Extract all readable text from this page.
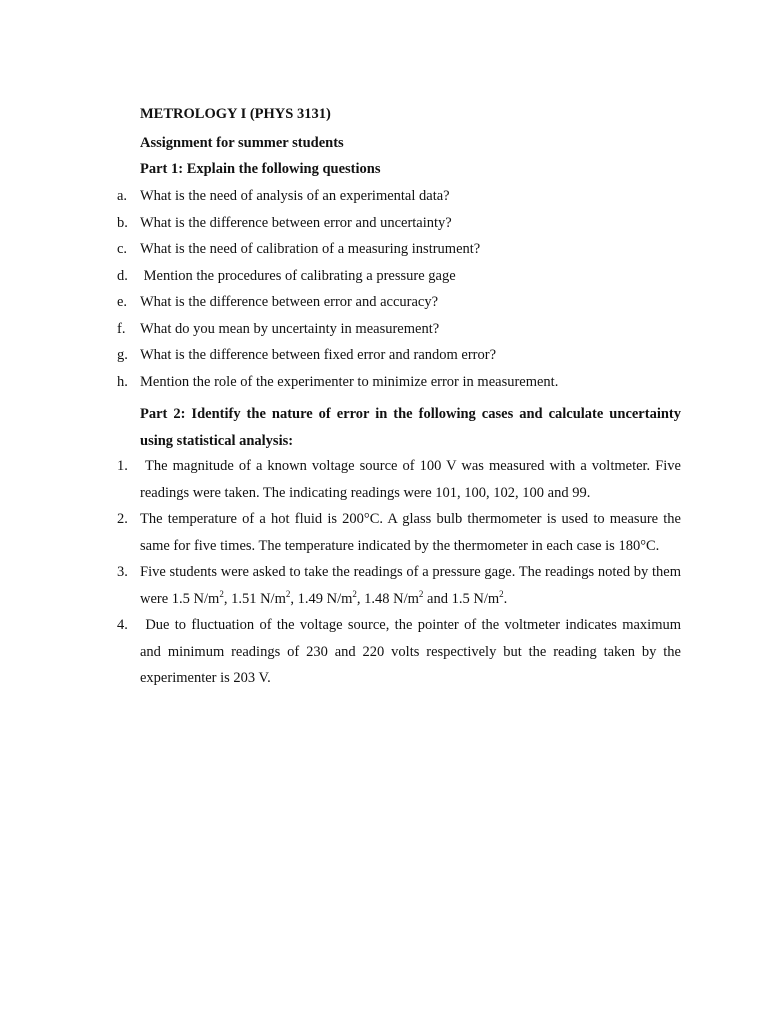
METROLOGY I (PHYS 3131)
Assignment for summer students
Part 1: Explain the following questions
a. What is the need of analysis of an experimental data?
b. What is the difference between error and uncertainty?
c. What is the need of calibration of a measuring instrument?
d. Mention the procedures of calibrating a pressure gage
e. What is the difference between error and accuracy?
f. What do you mean by uncertainty in measurement?
g. What is the difference between fixed error and random error?
h. Mention the role of the experimenter to minimize error in measurement.
Part 2: Identify the nature of error in the following cases and calculate uncertainty using statistical analysis:
1. The magnitude of a known voltage source of 100 V was measured with a voltmeter. Five readings were taken. The indicating readings were 101, 100, 102, 100 and 99.
2. The temperature of a hot fluid is 200°C. A glass bulb thermometer is used to measure the same for five times. The temperature indicated by the thermometer in each case is 180°C.
3. Five students were asked to take the readings of a pressure gage. The readings noted by them were 1.5 $N/m^2$, 1.51 $N/m^2$, 1.49 $N/m^2$, 1.48 $N/m^2$ and 1.5 $N/m^2$.
4. Due to fluctuation of the voltage source, the pointer of the voltmeter indicates maximum and minimum readings of 230 and 220 volts respectively but the reading taken by the experimenter is 203 V.
